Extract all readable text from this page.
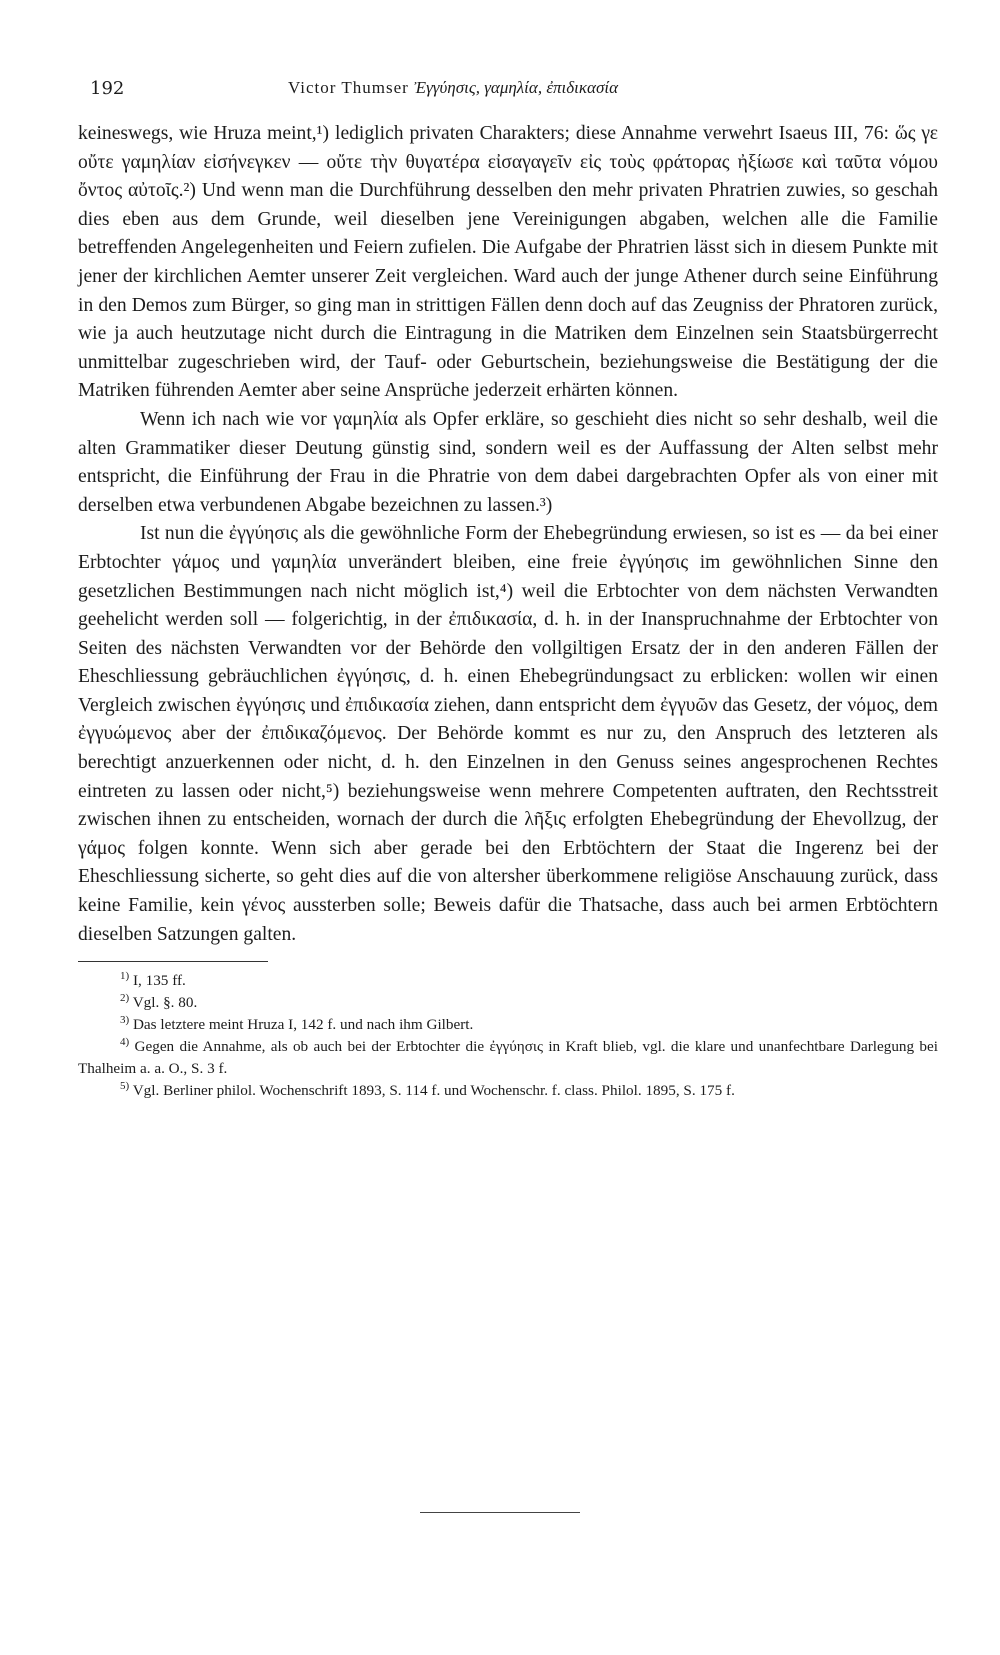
192	Victor Thumser Ἐγγύησις, γαμηλία, ἐπιδικασία

keineswegs, wie Hruza meint,¹) lediglich privaten Charakters; diese Annahme verwehrt Isaeus III, 76: ὥς γε οὔτε γαμηλίαν εἰσήνεγκεν — οὔτε τὴν θυγατέρα εἰσαγαγεῖν εἰς τοὺς φράτορας ἠξίωσε καὶ ταῦτα νόμου ὄντος αὐτοῖς.²) Und wenn man die Durchführung desselben den mehr privaten Phratrien zuwies, so geschah dies eben aus dem Grunde, weil dieselben jene Vereinigungen abgaben, welchen alle die Familie betreffenden Angelegenheiten und Feiern zufielen. Die Aufgabe der Phratrien lässt sich in diesem Punkte mit jener der kirchlichen Aemter unserer Zeit vergleichen. Ward auch der junge Athener durch seine Einführung in den Demos zum Bürger, so ging man in strittigen Fällen denn doch auf das Zeugniss der Phratoren zurück, wie ja auch heutzutage nicht durch die Eintragung in die Matriken dem Einzelnen sein Staatsbürgerrecht unmittelbar zugeschrieben wird, der Tauf- oder Geburtschein, beziehungsweise die Bestätigung der die Matriken führenden Aemter aber seine Ansprüche jederzeit erhärten können.

Wenn ich nach wie vor γαμηλία als Opfer erkläre, so geschieht dies nicht so sehr deshalb, weil die alten Grammatiker dieser Deutung günstig sind, sondern weil es der Auffassung der Alten selbst mehr entspricht, die Einführung der Frau in die Phratrie von dem dabei dargebrachten Opfer als von einer mit derselben etwa verbundenen Abgabe bezeichnen zu lassen.³)

Ist nun die ἐγγύησις als die gewöhnliche Form der Ehebegründung erwiesen, so ist es — da bei einer Erbtochter γάμος und γαμηλία unverändert bleiben, eine freie ἐγγύησις im gewöhnlichen Sinne den gesetzlichen Bestimmungen nach nicht möglich ist,⁴) weil die Erbtochter von dem nächsten Verwandten geehelicht werden soll — folgerichtig, in der ἐπιδικασία, d. h. in der Inanspruchnahme der Erbtochter von Seiten des nächsten Verwandten vor der Behörde den vollgiltigen Ersatz der in den anderen Fällen der Eheschliessung gebräuchlichen ἐγγύησις, d. h. einen Ehebegründungsact zu erblicken: wollen wir einen Vergleich zwischen ἐγγύησις und ἐπιδικασία ziehen, dann entspricht dem ἐγγυῶν das Gesetz, der νόμος, dem ἐγγυώμενος aber der ἐπιδικαζόμενος. Der Behörde kommt es nur zu, den Anspruch des letzteren als berechtigt anzuerkennen oder nicht, d. h. den Einzelnen in den Genuss seines angesprochenen Rechtes eintreten zu lassen oder nicht,⁵) beziehungsweise wenn mehrere Competenten auftraten, den Rechtsstreit zwischen ihnen zu entscheiden, wornach der durch die λῆξις erfolgten Ehebegründung der Ehevollzug, der γάμος folgen konnte. Wenn sich aber gerade bei den Erbtöchtern der Staat die Ingerenz bei der Eheschliessung sicherte, so geht dies auf die von altersher überkommene religiöse Anschauung zurück, dass keine Familie, kein γένος aussterben solle; Beweis dafür die Thatsache, dass auch bei armen Erbtöchtern dieselben Satzungen galten.

$^{1)}$ I, 135 ff.

$^{2)}$ Vgl. §. 80.

$^{3)}$ Das letztere meint Hruza I, 142 f. und nach ihm Gilbert.

$^{4)}$ Gegen die Annahme, als ob auch bei der Erbtochter die ἐγγύησις in Kraft blieb, vgl. die klare und unanfechtbare Darlegung bei Thalheim a. a. O., S. 3 f.

$^{5)}$ Vgl. Berliner philol. Wochenschrift 1893, S. 114 f. und Wochenschr. f. class. Philol. 1895, S. 175 f.
